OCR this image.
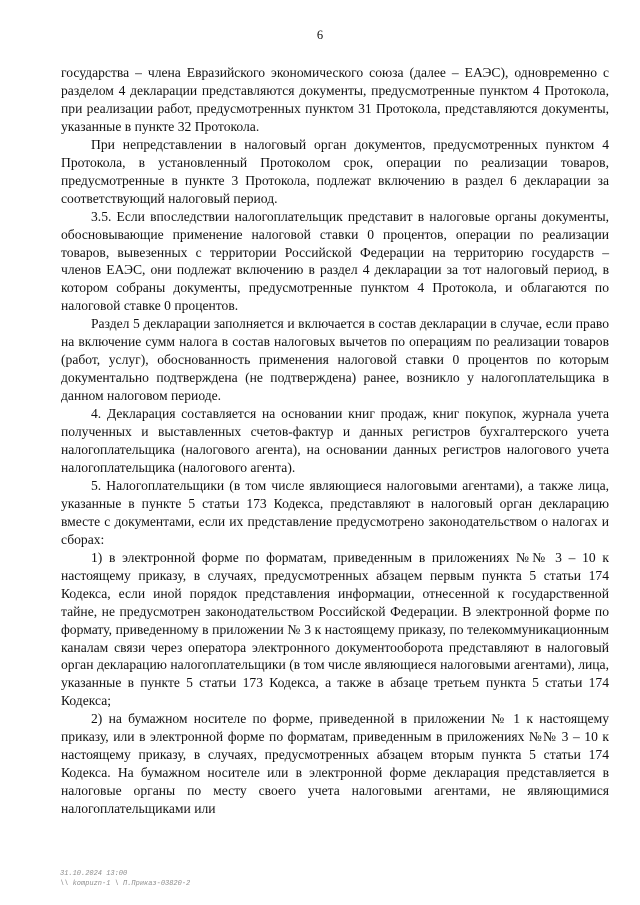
6

государства – члена Евразийского экономического союза (далее – ЕАЭС), одновременно с разделом 4 декларации представляются документы, предусмотренные пунктом 4 Протокола, при реализации работ, предусмотренных пунктом 31 Протокола, представляются документы, указанные в пункте 32 Протокола.

При непредставлении в налоговый орган документов, предусмотренных пунктом 4 Протокола, в установленный Протоколом срок, операции по реализации товаров, предусмотренные в пункте 3 Протокола, подлежат включению в раздел 6 декларации за соответствующий налоговый период.

3.5. Если впоследствии налогоплательщик представит в налоговые органы документы, обосновывающие применение налоговой ставки 0 процентов, операции по реализации товаров, вывезенных с территории Российской Федерации на территорию государств – членов ЕАЭС, они подлежат включению в раздел 4 декларации за тот налоговый период, в котором собраны документы, предусмотренные пунктом 4 Протокола, и облагаются по налоговой ставке 0 процентов.

Раздел 5 декларации заполняется и включается в состав декларации в случае, если право на включение сумм налога в состав налоговых вычетов по операциям по реализации товаров (работ, услуг), обоснованность применения налоговой ставки 0 процентов по которым документально подтверждена (не подтверждена) ранее, возникло у налогоплательщика в данном налоговом периоде.

4. Декларация составляется на основании книг продаж, книг покупок, журнала учета полученных и выставленных счетов-фактур и данных регистров бухгалтерского учета налогоплательщика (налогового агента), на основании данных регистров налогового учета налогоплательщика (налогового агента).

5. Налогоплательщики (в том числе являющиеся налоговыми агентами), а также лица, указанные в пункте 5 статьи 173 Кодекса, представляют в налоговый орган декларацию вместе с документами, если их представление предусмотрено законодательством о налогах и сборах:

1) в электронной форме по форматам, приведенным в приложениях №№ 3 – 10 к настоящему приказу, в случаях, предусмотренных абзацем первым пункта 5 статьи 174 Кодекса, если иной порядок представления информации, отнесенной к государственной тайне, не предусмотрен законодательством Российской Федерации. В электронной форме по формату, приведенному в приложении № 3 к настоящему приказу, по телекоммуникационным каналам связи через оператора электронного документооборота представляют в налоговый орган декларацию налогоплательщики (в том числе являющиеся налоговыми агентами), лица, указанные в пункте 5 статьи 173 Кодекса, а также в абзаце третьем пункта 5 статьи 174 Кодекса;

2) на бумажном носителе по форме, приведенной в приложении № 1 к настоящему приказу, или в электронной форме по форматам, приведенным в приложениях №№ 3 – 10 к настоящему приказу, в случаях, предусмотренных абзацем вторым пункта 5 статьи 174 Кодекса. На бумажном носителе или в электронной форме декларация представляется в налоговые органы по месту своего учета налоговыми агентами, не являющимися налогоплательщиками или

31.10.2024 13:00
\\ kompuzn-1 \ П.Приказ-03820-2
